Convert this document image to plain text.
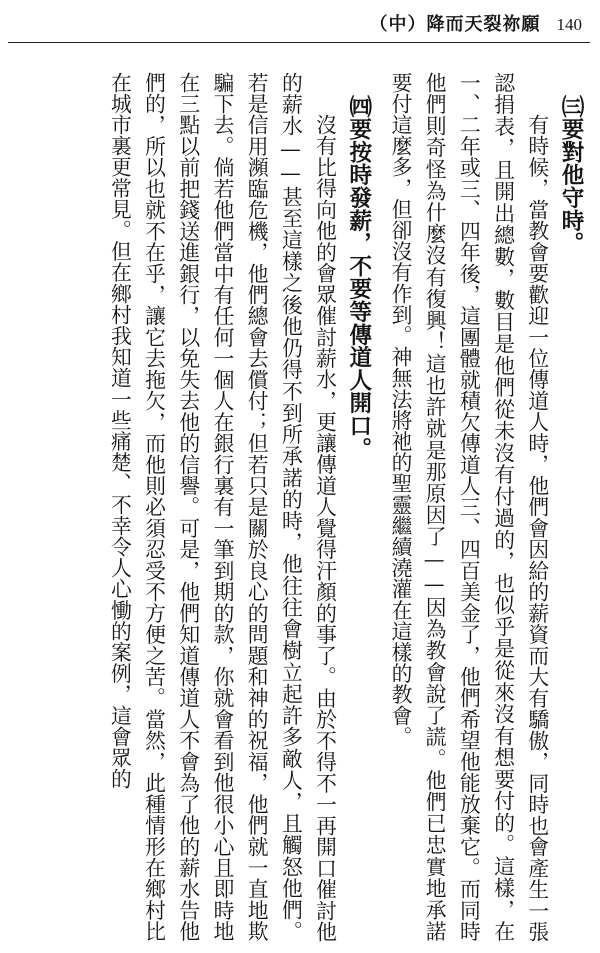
（中）降而天裂祢願 140

㈢要對他守時。

有時候，當教會要歡迎一位傳道人時，他們會因給的薪資而大有驕傲，同時也會產生一張認捐表，且開出總數，數目是他們從未沒有付過的，也似乎是從來沒有想要付的。這樣，在一、二年或三、四年後，這團體就積欠傳道人三、四百美金了，他們希望他能放棄它。而同時他們則奇怪為什麼沒有復興！這也許就是那原因了——因為教會說了謊。他們已忠實地承諾要付這麼多，但卻沒有作到。神無法將祂的聖靈繼續澆灌在這樣的教會。

㈣要按時發薪，不要等傳道人開口。

沒有比得向他的會眾催討薪水，更讓傳道人覺得汗顏的事了。由於不得不一再開口催討他的薪水——甚至這樣之後他仍得不到所承諾的時，他往往會樹立起許多敵人，且觸怒他們。若是信用瀕臨危機，他們總會去償付；但若只是關於良心的問題和神的祝福，他們就一直地欺騙下去。倘若他們當中有任何一個人在銀行裏有一筆到期的款，你就會看到他很小心且即時地在三點以前把錢送進銀行，以免失去他的信譽。可是，他們知道傳道人不會為了他的薪水告他們的，所以也就不在乎，讓它去拖欠，而他則必須忍受不方便之苦。當然，此種情形在鄉村比在城市裏更常見。但在鄉村我知道一些痛楚、不幸令人心慟的案例，這會眾的
